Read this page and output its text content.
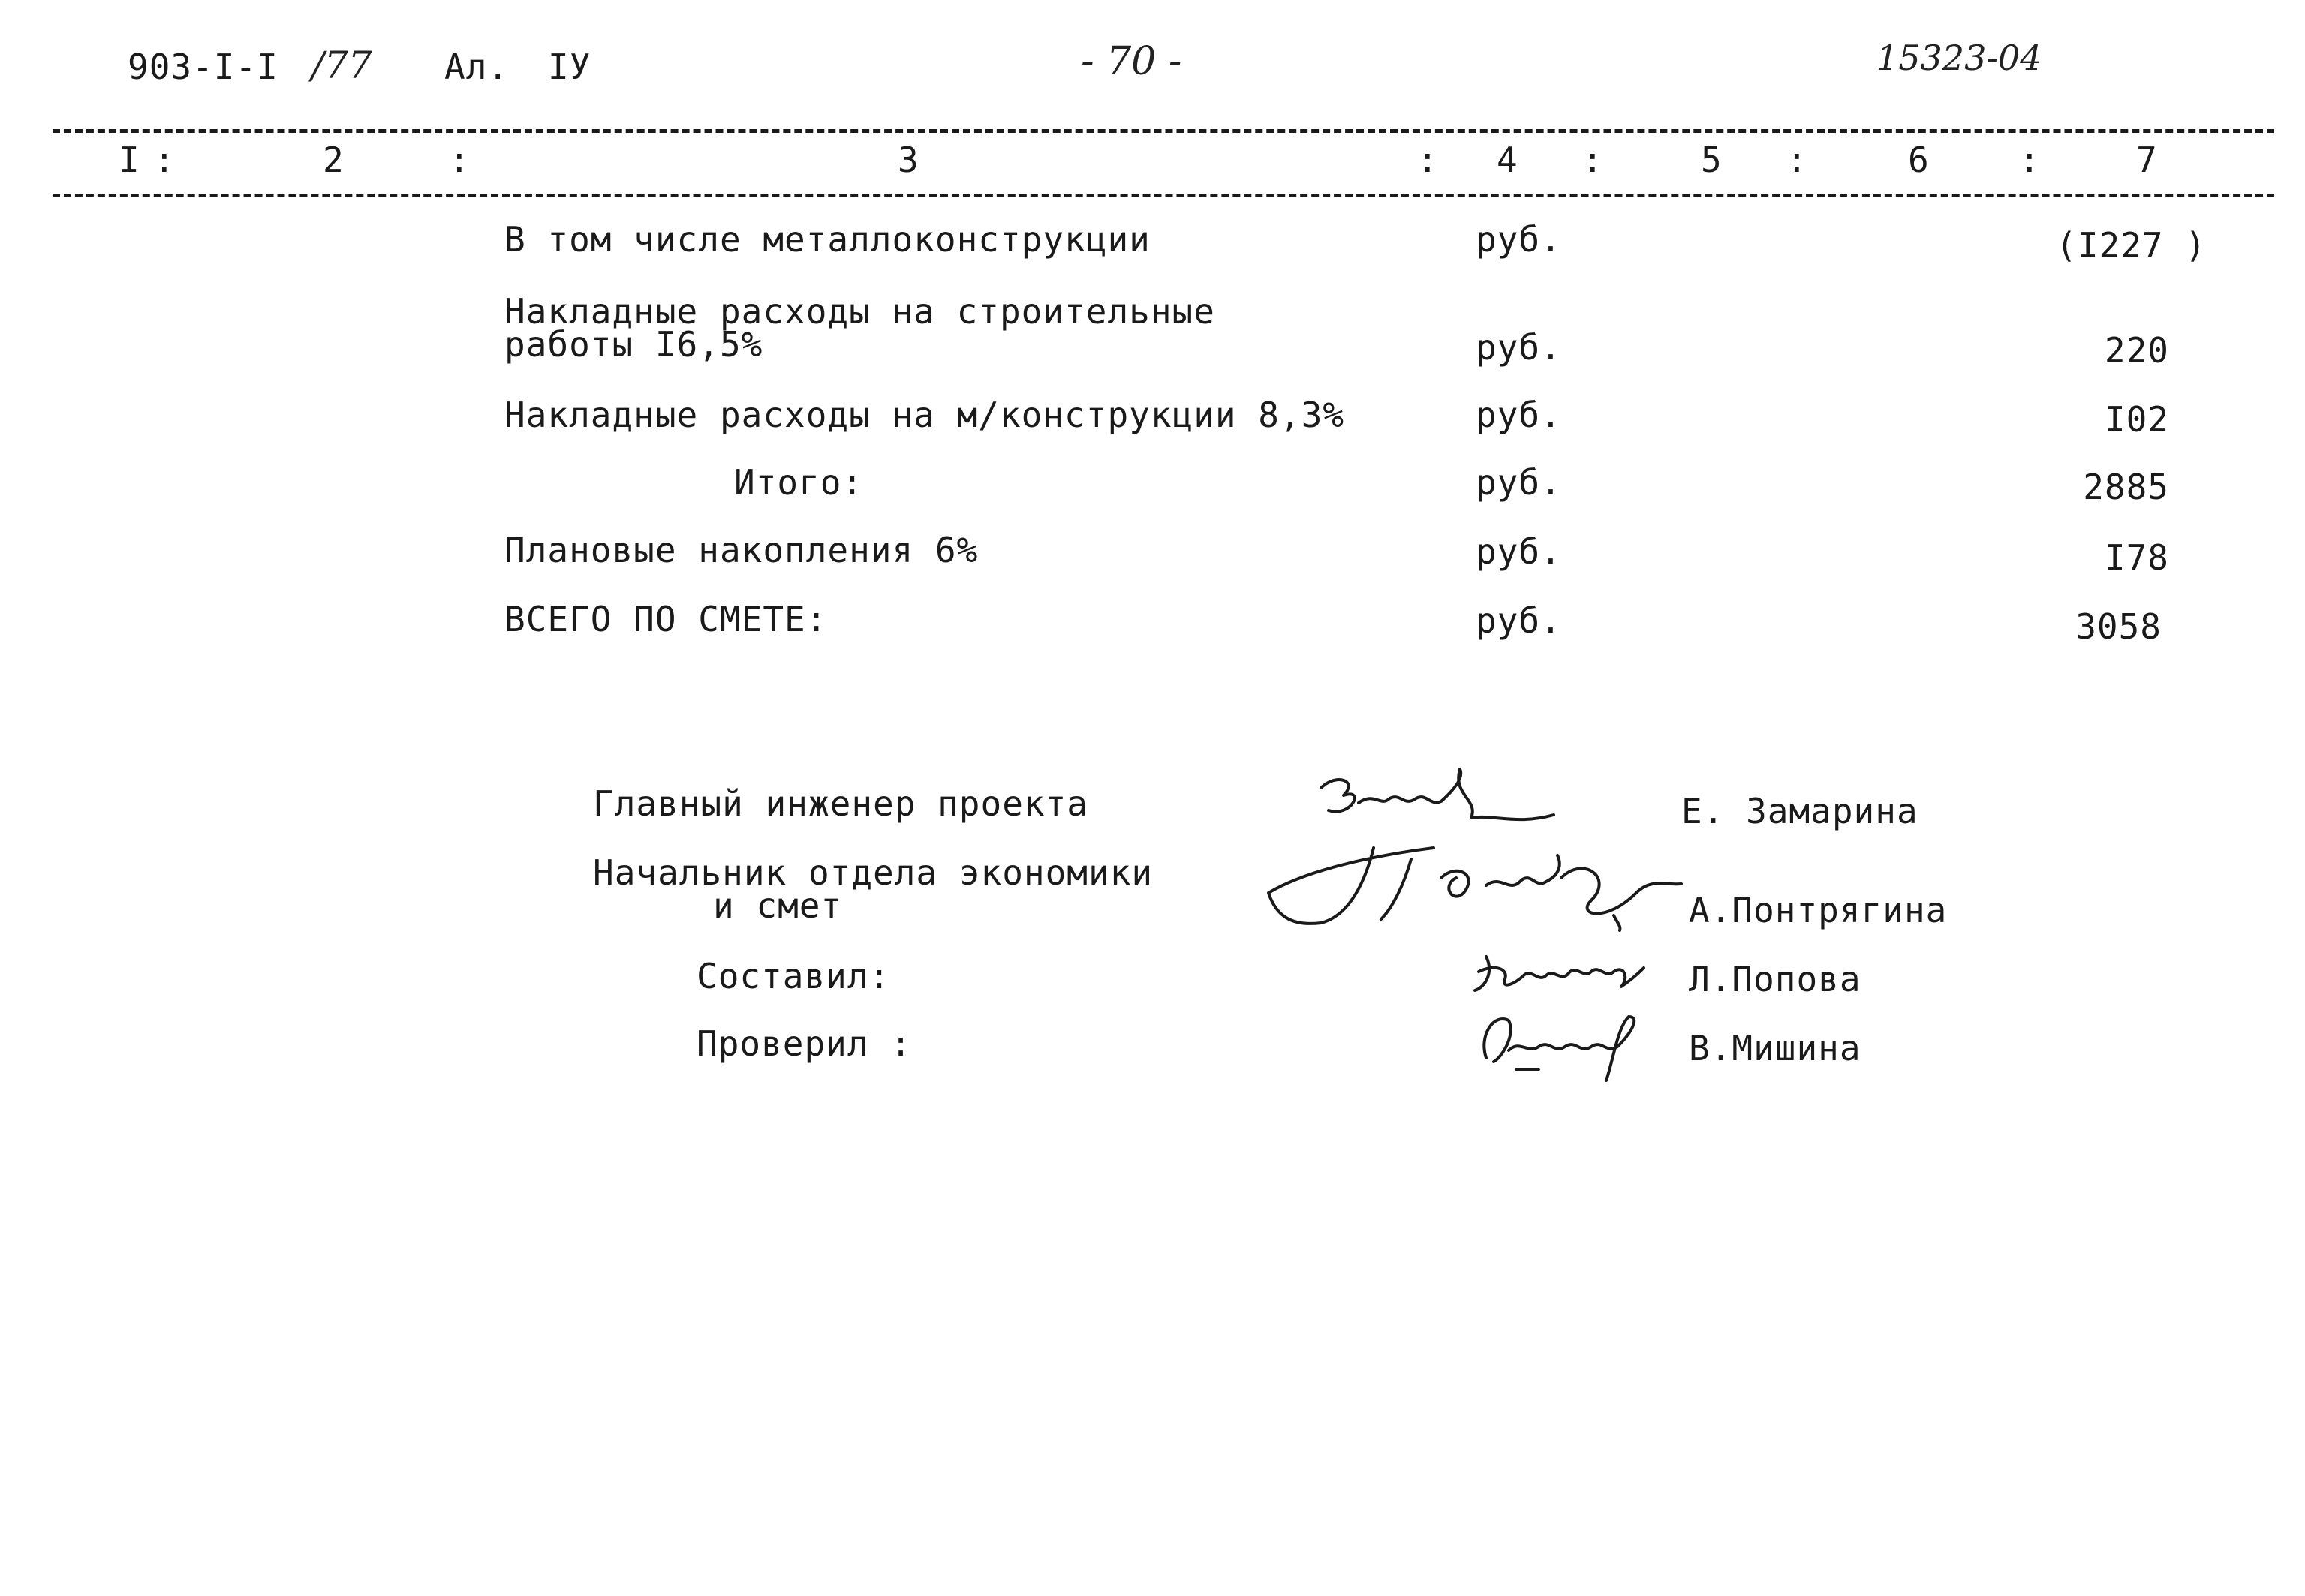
903-I-I /77 Ал. IУ	- 70 -	15323-04
I :	2	:	3	: 4 :	5 :	6	:	7
В том числе металлоконструкции	руб.	(I227 )
Накладные расходы на строительные
работы I6,5%	руб.	220
Накладные расходы на м/конструкции 8,3%	руб.	I02
Итого:	руб.	2885
Плановые накопления 6%	руб.	I78
ВСЕГО ПО СМЕТЕ:	руб.	3058
Главный инженер проекта
Начальник отдела экономики
и смет
Составил:
Проверил :
Е. Замарина
А.Понтрягина
Л.Попова
В.Мишина
